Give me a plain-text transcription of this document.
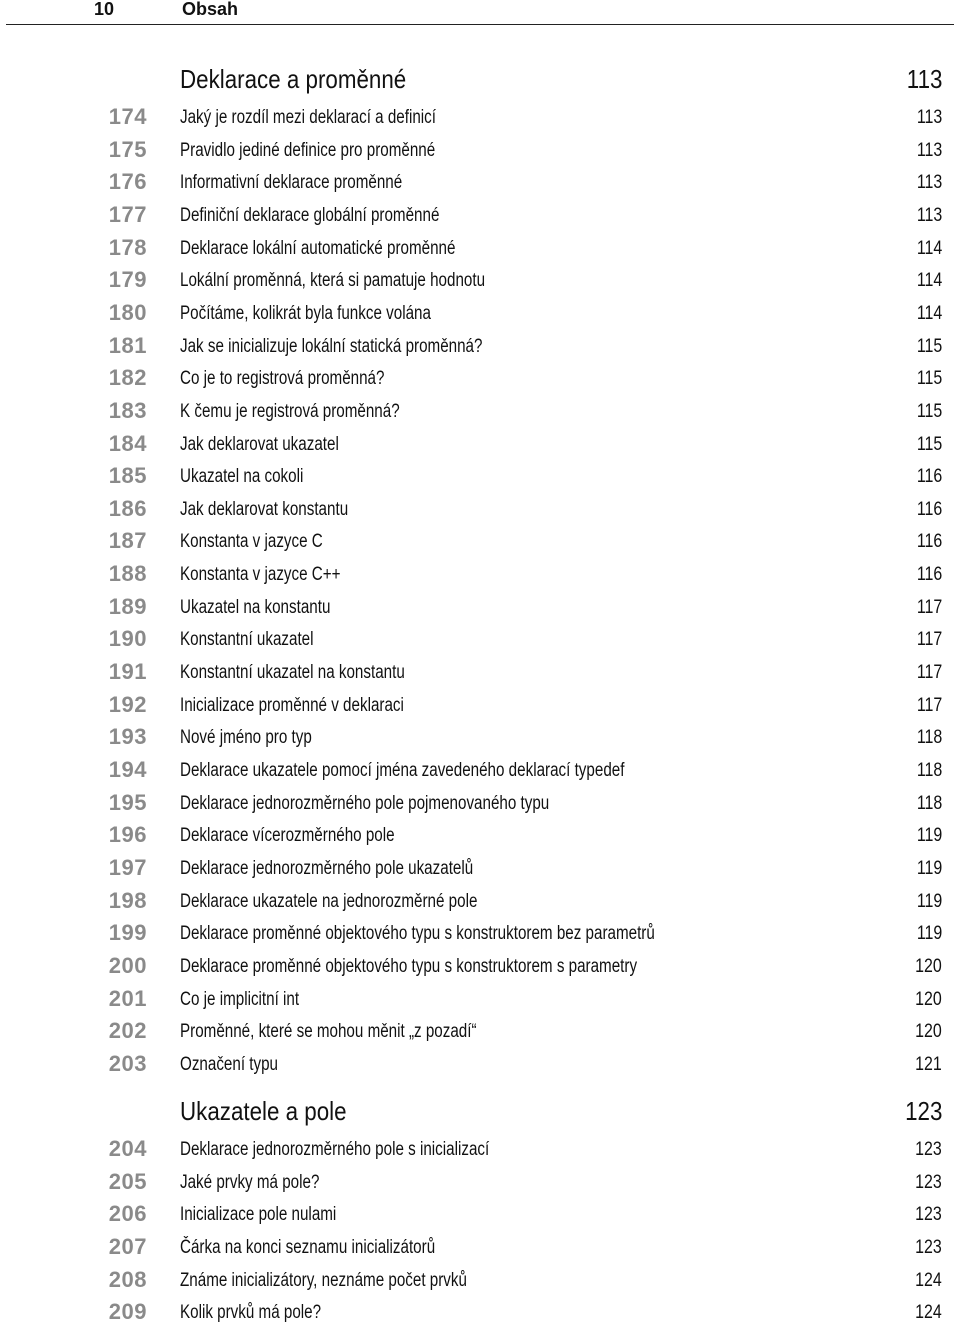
10	Obsah
Deklarace a proměnné	113
174 Jaký je rozdíl mezi deklarací a definicí	113
175 Pravidlo jediné definice pro proměnné	113
176 Informativní deklarace proměnné	113
177 Definiční deklarace globální proměnné	113
178 Deklarace lokální automatické proměnné	114
179 Lokální proměnná, která si pamatuje hodnotu	114
180 Počítáme, kolikrát byla funkce volána	114
181 Jak se inicializuje lokální statická proměnná?	115
182 Co je to registrová proměnná?	115
183 K čemu je registrová proměnná?	115
184 Jak deklarovat ukazatel	115
185 Ukazatel na cokoli	116
186 Jak deklarovat konstantu	116
187 Konstanta v jazyce C	116
188 Konstanta v jazyce C++	116
189 Ukazatel na konstantu	117
190 Konstantní ukazatel	117
191 Konstantní ukazatel na konstantu	117
192 Inicializace proměnné v deklaraci	117
193 Nové jméno pro typ	118
194 Deklarace ukazatele pomocí jména zavedeného deklarací typedef	118
195 Deklarace jednorozměrného pole pojmenovaného typu	118
196 Deklarace vícerozměrného pole	119
197 Deklarace jednorozměrného pole ukazatelů	119
198 Deklarace ukazatele na jednorozměrné pole	119
199 Deklarace proměnné objektového typu s konstruktorem bez parametrů	119
200 Deklarace proměnné objektového typu s konstruktorem s parametry	120
201 Co je implicitní int	120
202 Proměnné, které se mohou měnit „z pozadí“	120
203 Označení typu	121
Ukazatele a pole	123
204 Deklarace jednorozměrného pole s inicializací	123
205 Jaké prvky má pole?	123
206 Inicializace pole nulami	123
207 Čárka na konci seznamu inicializátorů	123
208 Známe inicializátory, neznáme počet prvků	124
209 Kolik prvků má pole?	124
